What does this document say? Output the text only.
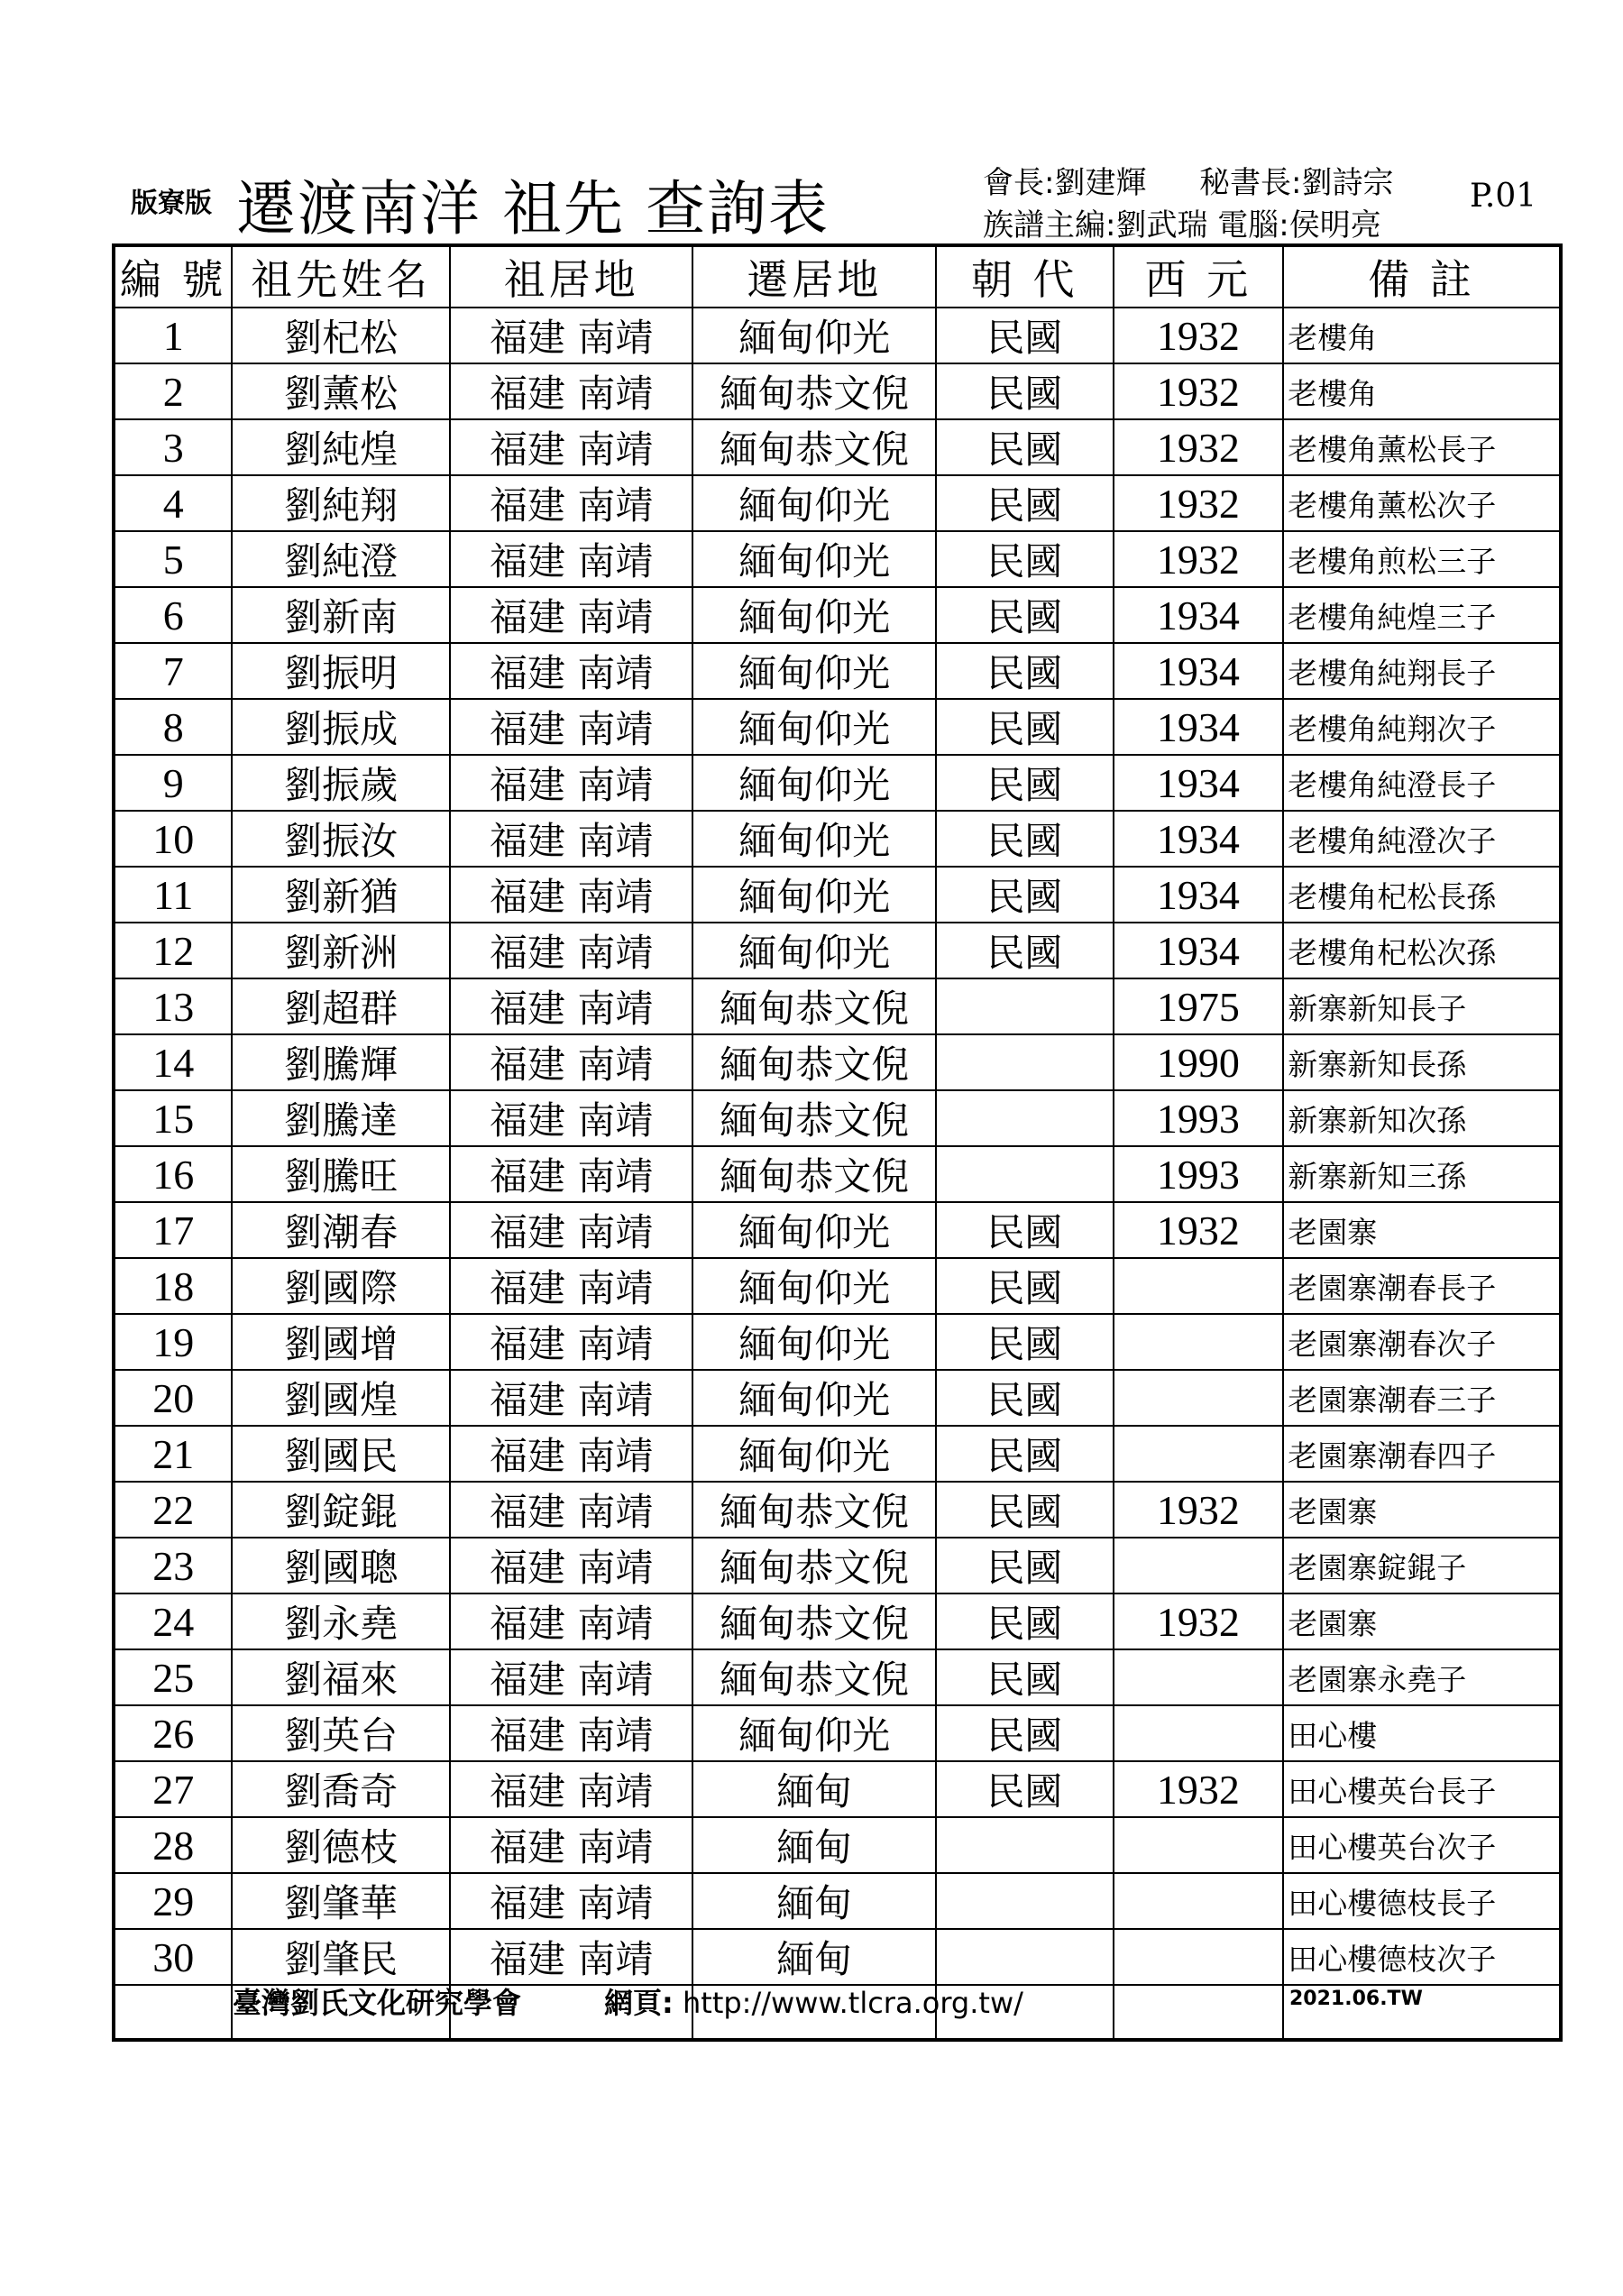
版寮版 遷渡南洋 祖先 查詢表	會長:劉建輝 秘書長:劉詩宗
族譜主編:劉武瑞 電腦:侯明亮
P.01
編 號	祖先姓名	祖居地	遷居地	朝 代	西 元	備 註
1	劉杞松	福建 南靖	緬甸仰光	民國	1932	老樓角
2	劉薰松	福建 南靖	緬甸恭文倪	民國	1932	老樓角
3	劉純煌	福建 南靖	緬甸恭文倪	民國	1932	老樓角薰松長子
4	劉純翔	福建 南靖	緬甸仰光	民國	1932	老樓角薰松次子
5	劉純澄	福建 南靖	緬甸仰光	民國	1932	老樓角煎松三子
6	劉新南	福建 南靖	緬甸仰光	民國	1934	老樓角純煌三子
7	劉振明	福建 南靖	緬甸仰光	民國	1934	老樓角純翔長子
8	劉振成	福建 南靖	緬甸仰光	民國	1934	老樓角純翔次子
9	劉振歲	福建 南靖	緬甸仰光	民國	1934	老樓角純澄長子
10	劉振汝	福建 南靖	緬甸仰光	民國	1934	老樓角純澄次子
11	劉新猶	福建 南靖	緬甸仰光	民國	1934	老樓角杞松長孫
12	劉新洲	福建 南靖	緬甸仰光	民國	1934	老樓角杞松次孫
13	劉超群	福建 南靖	緬甸恭文倪		1975	新寨新知長子
14	劉騰輝	福建 南靖	緬甸恭文倪		1990	新寨新知長孫
15	劉騰達	福建 南靖	緬甸恭文倪		1993	新寨新知次孫
16	劉騰旺	福建 南靖	緬甸恭文倪		1993	新寨新知三孫
17	劉潮春	福建 南靖	緬甸仰光	民國	1932	老園寨
18	劉國際	福建 南靖	緬甸仰光	民國		老園寨潮春長子
19	劉國增	福建 南靖	緬甸仰光	民國		老園寨潮春次子
20	劉國煌	福建 南靖	緬甸仰光	民國		老園寨潮春三子
21	劉國民	福建 南靖	緬甸仰光	民國		老園寨潮春四子
22	劉錠錕	福建 南靖	緬甸恭文倪	民國	1932	老園寨
23	劉國聰	福建 南靖	緬甸恭文倪	民國		老園寨錠錕子
24	劉永堯	福建 南靖	緬甸恭文倪	民國	1932	老園寨
25	劉福來	福建 南靖	緬甸恭文倪	民國		老園寨永堯子
26	劉英台	福建 南靖	緬甸仰光	民國		田心樓
27	劉喬奇	福建 南靖	緬甸	民國	1932	田心樓英台長子
28	劉德枝	福建 南靖	緬甸			田心樓英台次子
29	劉肇華	福建 南靖	緬甸			田心樓德枝長子
30	劉肇民	福建 南靖	緬甸			田心樓德枝次子

臺灣劉氏文化研究學會	網頁: http://www.tlcra.org.tw/	2021.06.TW
